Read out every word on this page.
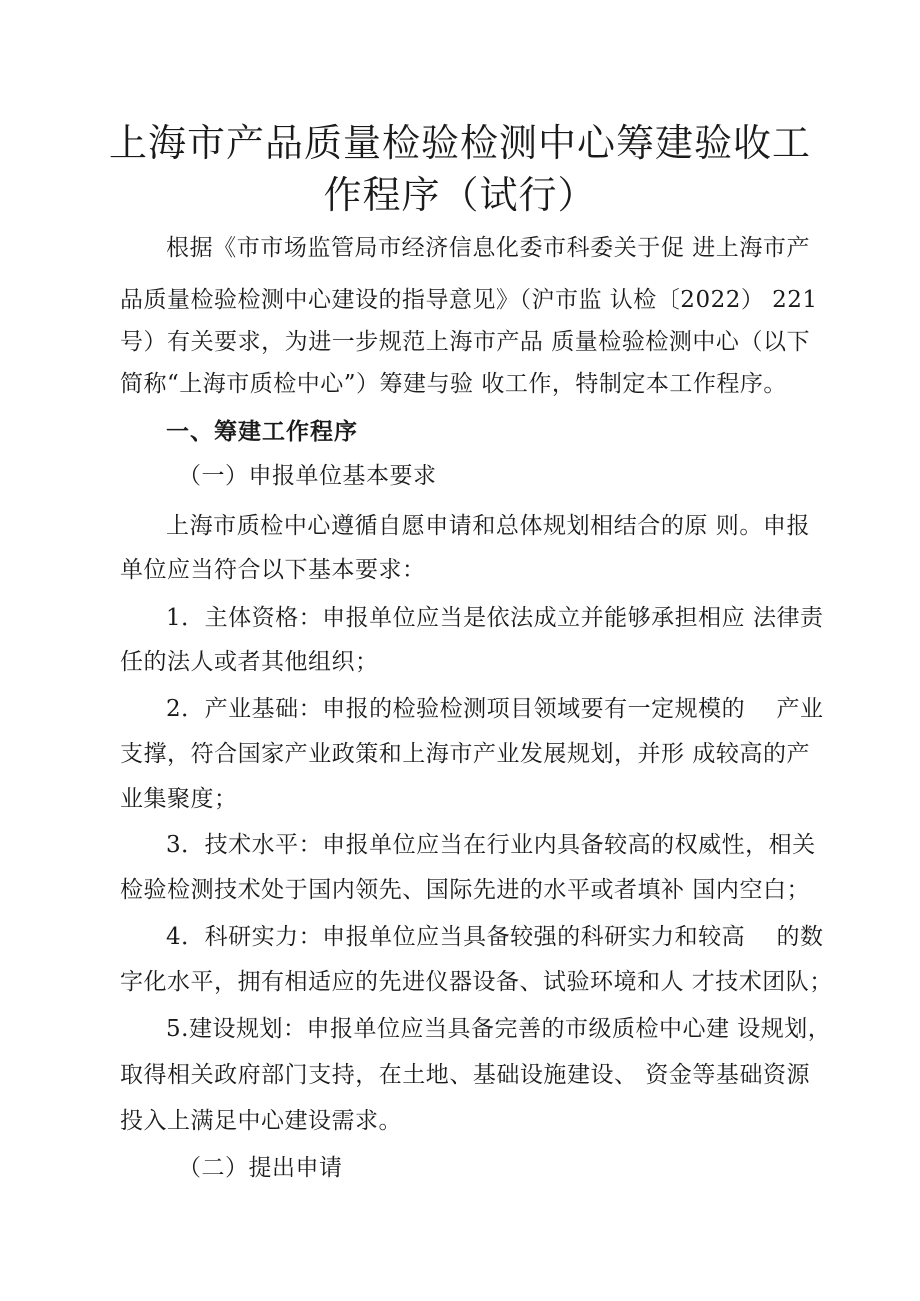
上海市产品质量检验检测中心筹建验收工
作程序（试行）

根据《市市场监管局市经济信息化委市科委关于促 进上海市产

品质量检验检测中心建设的指导意见》（沪市监 认检〔2022） 221

号）有关要求，为进一步规范上海市产品 质量检验检测中心（以下

简称“上海市质检中心”）筹建与验 收工作，特制定本工作程序。

一、筹建工作程序

（一）申报单位基本要求

上海市质检中心遵循自愿申请和总体规划相结合的原 则。申报

单位应当符合以下基本要求：

1．主体资格：申报单位应当是依法成立并能够承担相应 法律责

任的法人或者其他组织；

2．产业基础：申报的检验检测项目领域要有一定规模的　 产业

支撑，符合国家产业政策和上海市产业发展规划，并形 成较高的产

业集聚度；

3．技术水平：申报单位应当在行业内具备较高的权威性，相关

检验检测技术处于国内领先、国际先进的水平或者填补 国内空白；

4．科研实力：申报单位应当具备较强的科研实力和较高　 的数

字化水平，拥有相适应的先进仪器设备、试验环境和人 才技术团队；

5.建设规划：申报单位应当具备完善的市级质检中心建 设规划，

取得相关政府部门支持，在土地、基础设施建设、 资金等基础资源

投入上满足中心建设需求。

（二）提出申请
